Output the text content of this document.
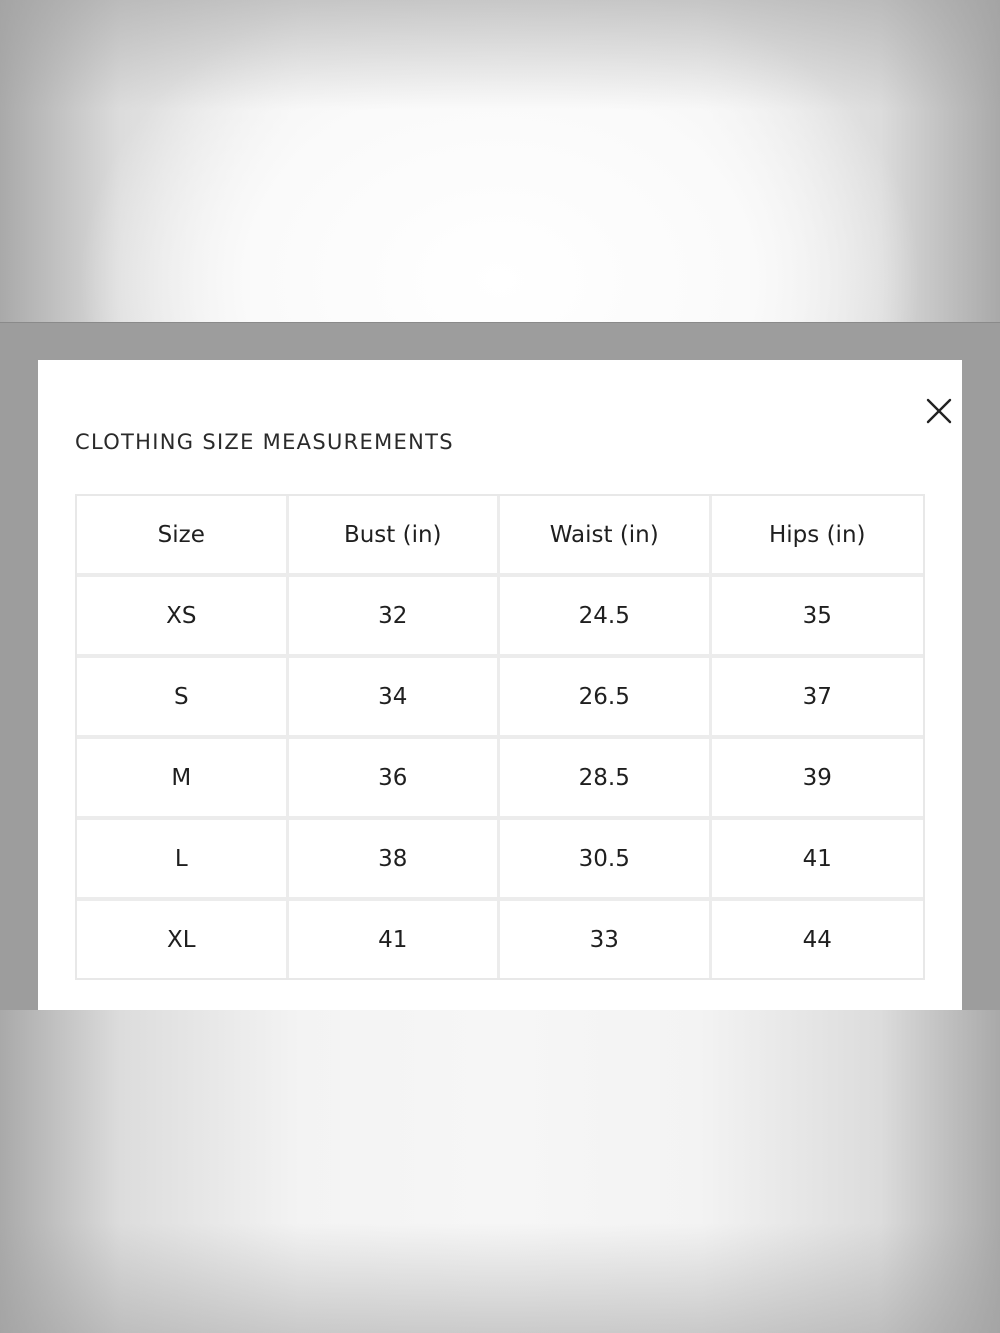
CLOTHING SIZE MEASUREMENTS
Size	Bust (in)	Waist (in)	Hips (in)
XS	32	24.5	35
S	34	26.5	37
M	36	28.5	39
L	38	30.5	41
XL	41	33	44
